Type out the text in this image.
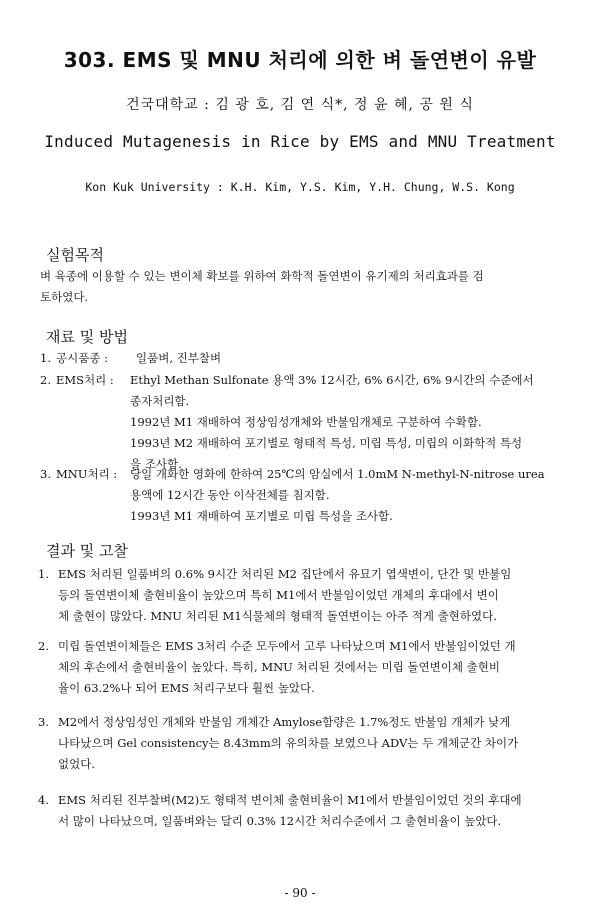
303. EMS 및 MNU 처리에 의한 벼 돌연변이 유발
건국대학교 : 김 광 호, 김 연 식*, 정 윤 혜, 공 원 식
Induced Mutagenesis in Rice by EMS and MNU Treatment
Kon Kuk University : K.H. Kim, Y.S. Kim, Y.H. Chung, W.S. Kong
실험목적
벼 육종에 이용할 수 있는 변이체 확보를 위하여 화학적 돌연변이 유기제의 처리효과를 검
토하였다.
재료 및 방법
1. 공시품종 : 일품벼, 진부찰벼
2. EMS처리 : Ethyl Methan Sulfonate 용액 3% 12시간, 6% 6시간, 6% 9시간의 수준에서
종자처리함.
1992년 M1 재배하여 정상임성개체와 반불임개체로 구분하여 수확함.
1993년 M2 재배하여 포기별로 형태적 특성, 미립 특성, 미립의 이화학적 특성
을 조사함.
3. MNU처리 : 당일 개화한 영화에 한하여 25℃의 암실에서 1.0mM N-methyl-N-nitrose urea
용액에 12시간 동안 이삭전체를 침지함.
1993년 M1 재배하여 포기별로 미립 특성을 조사함.
결과 및 고찰
1. EMS 처리된 일품벼의 0.6% 9시간 처리된 M2 집단에서 유묘기 엽색변이, 단간 및 반불임
등의 돌연변이체 출현비율이 높았으며 특히 M1에서 반불임이었던 개체의 후대에서 변이
체 출현이 많았다. MNU 처리된 M1식물체의 형태적 돌연변이는 아주 적게 출현하였다.
2. 미립 돌연변이체들은 EMS 3처리 수준 모두에서 고루 나타났으며 M1에서 반불임이었던 개
체의 후손에서 출현비율이 높았다. 특히, MNU 처리된 것에서는 미립 돌연변이체 출현비
율이 63.2%나 되어 EMS 처리구보다 훨씬 높았다.
3. M2에서 정상임성인 개체와 반불임 개체간 Amylose함량은 1.7%정도 반불임 개체가 낮게
나타났으며 Gel consistency는 8.43mm의 유의차를 보였으나 ADV는 두 개체군간 차이가
없었다.
4. EMS 처리된 진부찰벼(M2)도 형태적 변이체 출현비율이 M1에서 반불임이었던 것의 후대에
서 많이 나타났으며, 일품벼와는 달리 0.3% 12시간 처리수준에서 그 출현비율이 높았다.
- 90 -
